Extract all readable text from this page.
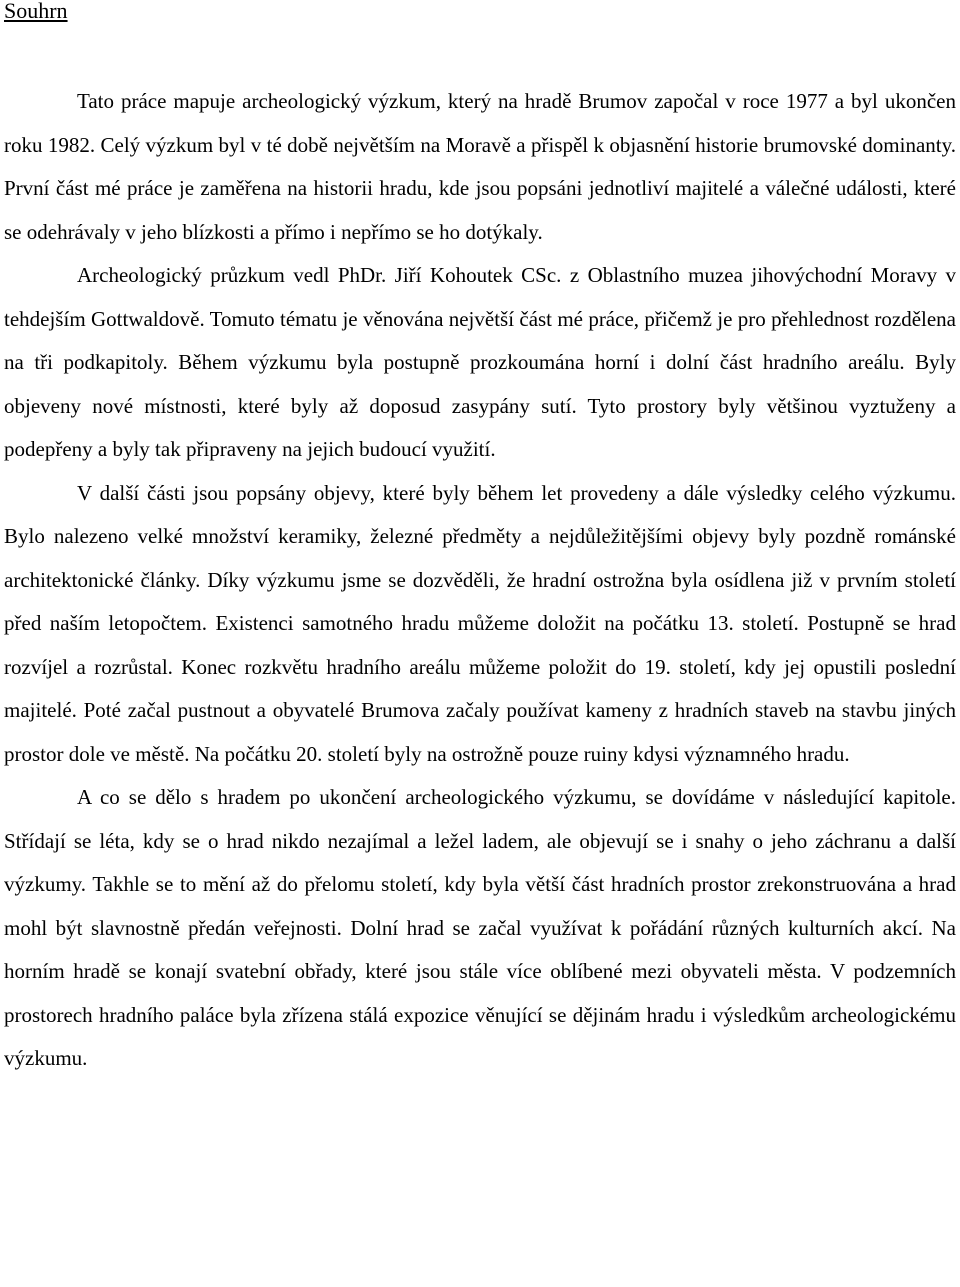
Souhrn

Tato práce mapuje archeologický výzkum, který na hradě Brumov započal v roce 1977 a byl ukončen roku 1982. Celý výzkum byl v té době největším na Moravě a přispěl k objasnění historie brumovské dominanty. První část mé práce je zaměřena na historii hradu, kde jsou popsáni jednotliví majitelé a válečné události, které se odehrávaly v jeho blízkosti a přímo i nepřímo se ho dotýkaly.

Archeologický průzkum vedl PhDr. Jiří Kohoutek CSc. z Oblastního muzea jihovýchodní Moravy v tehdejším Gottwaldově. Tomuto tématu je věnována největší část mé práce, přičemž je pro přehlednost rozdělena na tři podkapitoly. Během výzkumu byla postupně prozkoumána horní i dolní část hradního areálu. Byly objeveny nové místnosti, které byly až doposud zasypány sutí. Tyto prostory byly většinou vyztuženy a podepřeny a byly tak připraveny na jejich budoucí využití.

V další části jsou popsány objevy, které byly během let provedeny a dále výsledky celého výzkumu. Bylo nalezeno velké množství keramiky, železné předměty a nejdůležitějšími objevy byly pozdně románské architektonické články. Díky výzkumu jsme se dozvěděli, že hradní ostrožna byla osídlena již v prvním století před naším letopočtem. Existenci samotného hradu můžeme doložit na počátku 13. století. Postupně se hrad rozvíjel a rozrůstal. Konec rozkvětu hradního areálu můžeme položit do 19. století, kdy jej opustili poslední majitelé. Poté začal pustnout a obyvatelé Brumova začaly používat kameny z hradních staveb na stavbu jiných prostor dole ve městě. Na počátku 20. století byly na ostrožně pouze ruiny kdysi významného hradu.

A co se dělo s hradem po ukončení archeologického výzkumu, se dovídáme v následující kapitole. Střídají se léta, kdy se o hrad nikdo nezajímal a ležel ladem, ale objevují se i snahy o jeho záchranu a další výzkumy. Takhle se to mění až do přelomu století, kdy byla větší část hradních prostor zrekonstruována a hrad mohl být slavnostně předán veřejnosti. Dolní hrad se začal využívat k pořádání různých kulturních akcí. Na horním hradě se konají svatební obřady, které jsou stále více oblíbené mezi obyvateli města. V podzemních prostorech hradního paláce byla zřízena stálá expozice věnující se dějinám hradu i výsledkům archeologickému výzkumu.
